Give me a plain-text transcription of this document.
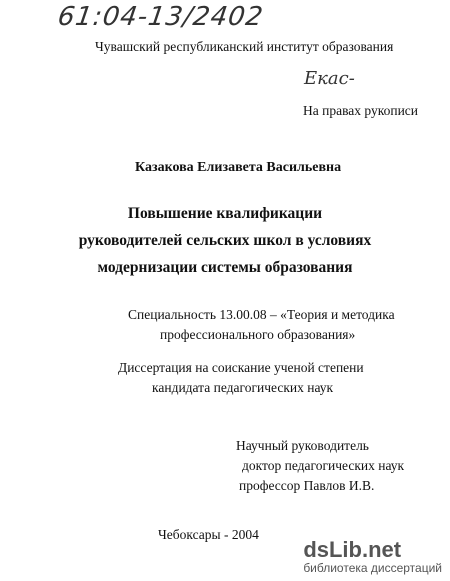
61:04-13/2402
Чувашский республиканский институт образования
Екас-
На правах рукописи
Казакова Елизавета Васильевна
Повышение квалификации
руководителей сельских школ в условиях
модернизации системы образования
Специальность 13.00.08 – «Теория и методика
профессионального образования»
Диссертация на соискание ученой степени
кандидата педагогических наук
Научный руководитель
доктор педагогических наук
профессор Павлов И.В.
Чебоксары - 2004
dsLib.net
библиотека диссертаций
